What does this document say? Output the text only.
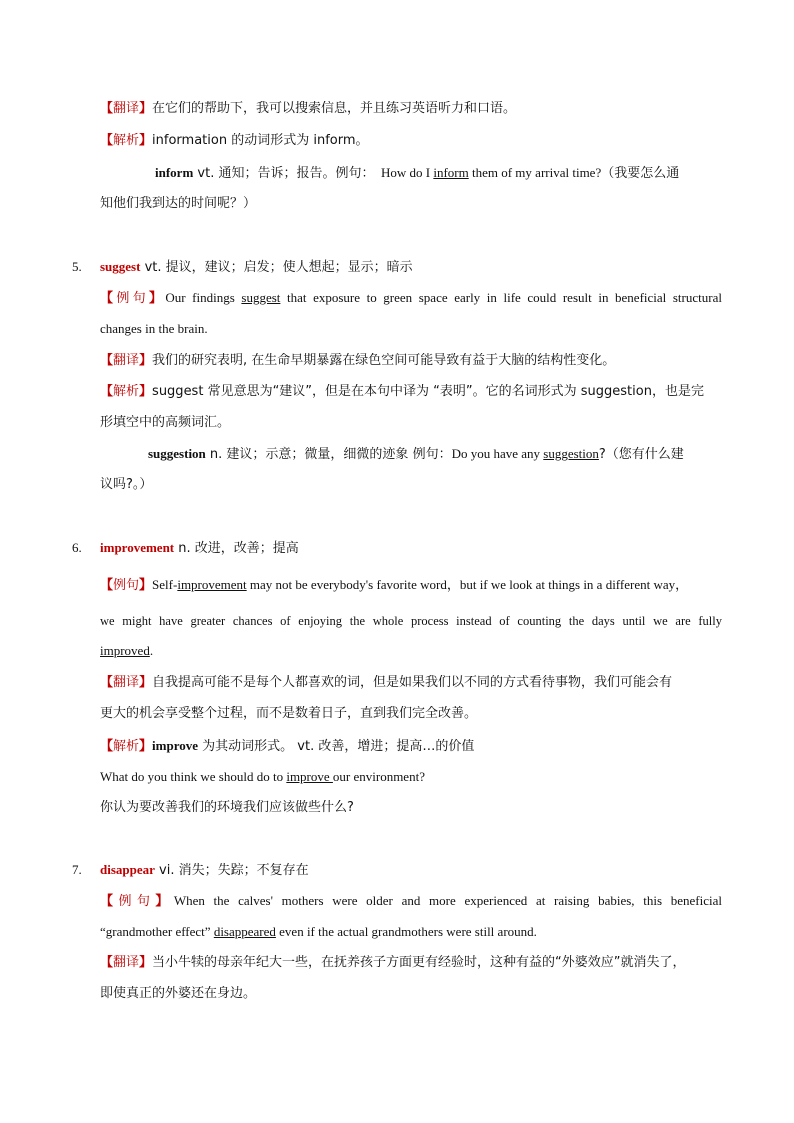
【翻译】在它们的帮助下，我可以搜索信息，并且练习英语听力和口语。
【解析】information 的动词形式为 inform。
inform vt. 通知；告诉；报告。例句： How do I inform them of my arrival time?（我要怎么通
知他们我到达的时间呢？）
5. suggest vt. 提议，建议；启发；使人想起；显示；暗示
【例句】Our findings suggest that exposure to green space early in life could result in beneficial structural
changes in the brain.
【翻译】我们的研究表明, 在生命早期暴露在绿色空间可能导致有益于大脑的结构性变化。
【解析】suggest 常见意思为“建议”，但是在本句中译为 “表明”。它的名词形式为 suggestion，也是完
形填空中的高频词汇。
suggestion n. 建议；示意；微量，细微的迹象 例句：Do you have any suggestion?（您有什么建
议吗?。）
6. improvement n. 改进，改善；提高
【例句】Self-improvement may not be everybody's favorite word，but if we look at things in a different way，
we might have greater chances of enjoying the whole process instead of counting the days until we are fully
improved.
【翻译】自我提高可能不是每个人都喜欢的词，但是如果我们以不同的方式看待事物，我们可能会有
更大的机会享受整个过程，而不是数着日子，直到我们完全改善。
【解析】improve 为其动词形式。 vt. 改善，增进；提高…的价值
What do you think we should do to improve our environment?
你认为要改善我们的环境我们应该做些什么?
7. disappear vi. 消失；失踪；不复存在
【例句】When the calves' mothers were older and more experienced at raising babies, this beneficial
“grandmother effect” disappeared even if the actual grandmothers were still around.
【翻译】当小牛犊的母亲年纪大一些，在抚养孩子方面更有经验时，这种有益的“外婆效应”就消失了，
即使真正的外婆还在身边。
